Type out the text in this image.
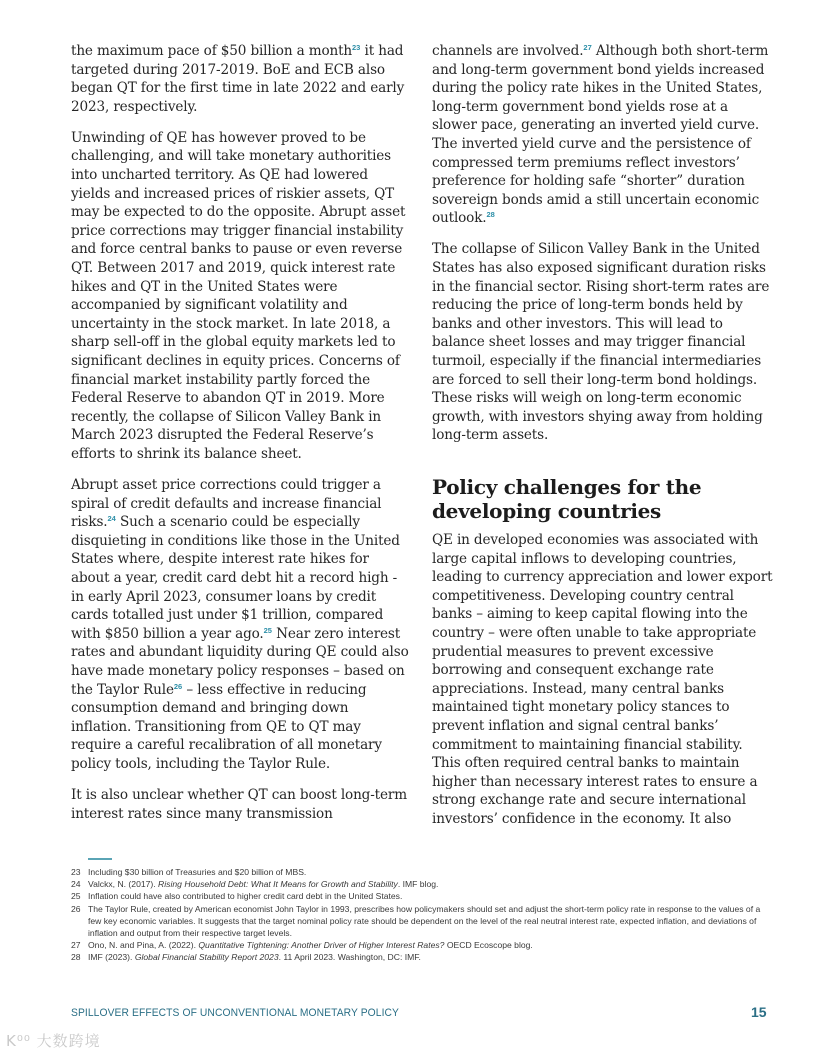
the maximum pace of $50 billion a month$^{23}$ it had targeted during 2017-2019. BoE and ECB also began QT for the first time in late 2022 and early 2023, respectively.

Unwinding of QE has however proved to be challenging, and will take monetary authorities into uncharted territory. As QE had lowered yields and increased prices of riskier assets, QT may be expected to do the opposite. Abrupt asset price corrections may trigger financial instability and force central banks to pause or even reverse QT. Between 2017 and 2019, quick interest rate hikes and QT in the United States were accompanied by significant volatility and uncertainty in the stock market. In late 2018, a sharp sell-off in the global equity markets led to significant declines in equity prices. Concerns of financial market instability partly forced the Federal Reserve to abandon QT in 2019. More recently, the collapse of Silicon Valley Bank in March 2023 disrupted the Federal Reserve’s efforts to shrink its balance sheet.

Abrupt asset price corrections could trigger a spiral of credit defaults and increase financial risks.$^{24}$ Such a scenario could be especially disquieting in conditions like those in the United States where, despite interest rate hikes for about a year, credit card debt hit a record high - in early April 2023, consumer loans by credit cards totalled just under $1 trillion, compared with $850 billion a year ago.$^{25}$ Near zero interest rates and abundant liquidity during QE could also have made monetary policy responses – based on the Taylor Rule$^{26}$ – less effective in reducing consumption demand and bringing down inflation. Transitioning from QE to QT may require a careful recalibration of all monetary policy tools, including the Taylor Rule.

It is also unclear whether QT can boost long-term interest rates since many transmission

channels are involved.$^{27}$ Although both short-term and long-term government bond yields increased during the policy rate hikes in the United States, long-term government bond yields rose at a slower pace, generating an inverted yield curve. The inverted yield curve and the persistence of compressed term premiums reflect investors’ preference for holding safe “shorter” duration sovereign bonds amid a still uncertain economic outlook.$^{28}$

The collapse of Silicon Valley Bank in the United States has also exposed significant duration risks in the financial sector. Rising short-term rates are reducing the price of long-term bonds held by banks and other investors. This will lead to balance sheet losses and may trigger financial turmoil, especially if the financial intermediaries are forced to sell their long-term bond holdings. These risks will weigh on long-term economic growth, with investors shying away from holding long-term assets.

Policy challenges for the developing countries

QE in developed economies was associated with large capital inflows to developing countries, leading to currency appreciation and lower export competitiveness. Developing country central banks – aiming to keep capital flowing into the country – were often unable to take appropriate prudential measures to prevent excessive borrowing and consequent exchange rate appreciations. Instead, many central banks maintained tight monetary policy stances to prevent inflation and signal central banks’ commitment to maintaining financial stability. This often required central banks to maintain higher than necessary interest rates to ensure a strong exchange rate and secure international investors’ confidence in the economy. It also

23 Including $30 billion of Treasuries and $20 billion of MBS.
24 Valckx, N. (2017). Rising Household Debt: What It Means for Growth and Stability. IMF blog.
25 Inflation could have also contributed to higher credit card debt in the United States.
26 The Taylor Rule, created by American economist John Taylor in 1993, prescribes how policymakers should set and adjust the short-term policy rate in response to the values of a few key economic variables. It suggests that the target nominal policy rate should be dependent on the level of the real neutral interest rate, expected inflation, and deviations of inflation and output from their respective target levels.
27 Ono, N. and Pina, A. (2022). Quantitative Tightening: Another Driver of Higher Interest Rates? OECD Ecoscope blog.
28 IMF (2023). Global Financial Stability Report 2023. 11 April 2023. Washington, DC: IMF.
SPILLOVER EFFECTS OF UNCONVENTIONAL MONETARY POLICY	15
K⁰⁰ 大数跨境
